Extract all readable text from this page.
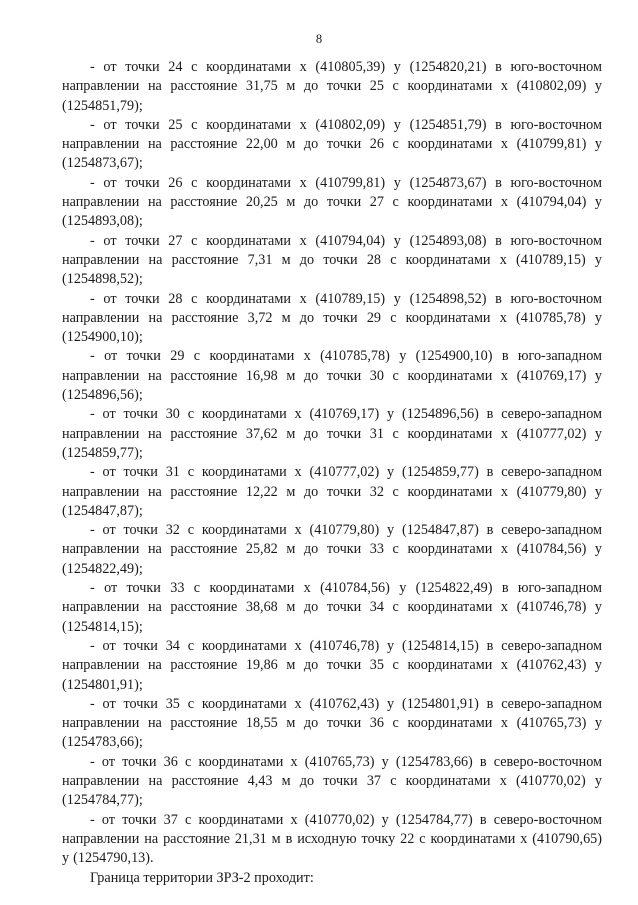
8

- от точки 24 с координатами х (410805,39) у (1254820,21) в юго-восточном направлении на расстояние 31,75 м до точки 25 с координатами х (410802,09) у (1254851,79);

- от точки 25 с координатами х (410802,09) у (1254851,79) в юго-восточном направлении на расстояние 22,00 м до точки 26 с координатами х (410799,81) у (1254873,67);

- от точки 26 с координатами х (410799,81) у (1254873,67) в юго-восточном направлении на расстояние 20,25 м до точки 27 с координатами х (410794,04) у (1254893,08);

- от точки 27 с координатами х (410794,04) у (1254893,08) в юго-восточном направлении на расстояние 7,31 м до точки 28 с координатами х (410789,15) у (1254898,52);

- от точки 28 с координатами х (410789,15) у (1254898,52) в юго-восточном направлении на расстояние 3,72 м до точки 29 с координатами х (410785,78) у (1254900,10);

- от точки 29 с координатами х (410785,78) у (1254900,10) в юго-западном направлении на расстояние 16,98 м до точки 30 с координатами х (410769,17) у (1254896,56);

- от точки 30 с координатами х (410769,17) у (1254896,56) в северо-западном направлении на расстояние 37,62 м до точки 31 с координатами х (410777,02) у (1254859,77);

- от точки 31 с координатами х (410777,02) у (1254859,77) в северо-западном направлении на расстояние 12,22 м до точки 32 с координатами х (410779,80) у (1254847,87);

- от точки 32 с координатами х (410779,80) у (1254847,87) в северо-западном направлении на расстояние 25,82 м до точки 33 с координатами х (410784,56) у (1254822,49);

- от точки 33 с координатами х (410784,56) у (1254822,49) в юго-западном направлении на расстояние 38,68 м до точки 34 с координатами х (410746,78) у (1254814,15);

- от точки 34 с координатами х (410746,78) у (1254814,15) в северо-западном направлении на расстояние 19,86 м до точки 35 с координатами х (410762,43) у (1254801,91);

- от точки 35 с координатами х (410762,43) у (1254801,91) в северо-западном направлении на расстояние 18,55 м до точки 36 с координатами х (410765,73) у (1254783,66);

- от точки 36 с координатами х (410765,73) у (1254783,66) в северо-восточном направлении на расстояние 4,43 м до точки 37 с координатами х (410770,02) у (1254784,77);

- от точки 37 с координатами х (410770,02) у (1254784,77) в северо-восточном направлении на расстояние 21,31 м в исходную точку 22 с координатами х (410790,65) у (1254790,13).

Граница территории ЗРЗ-2 проходит:
